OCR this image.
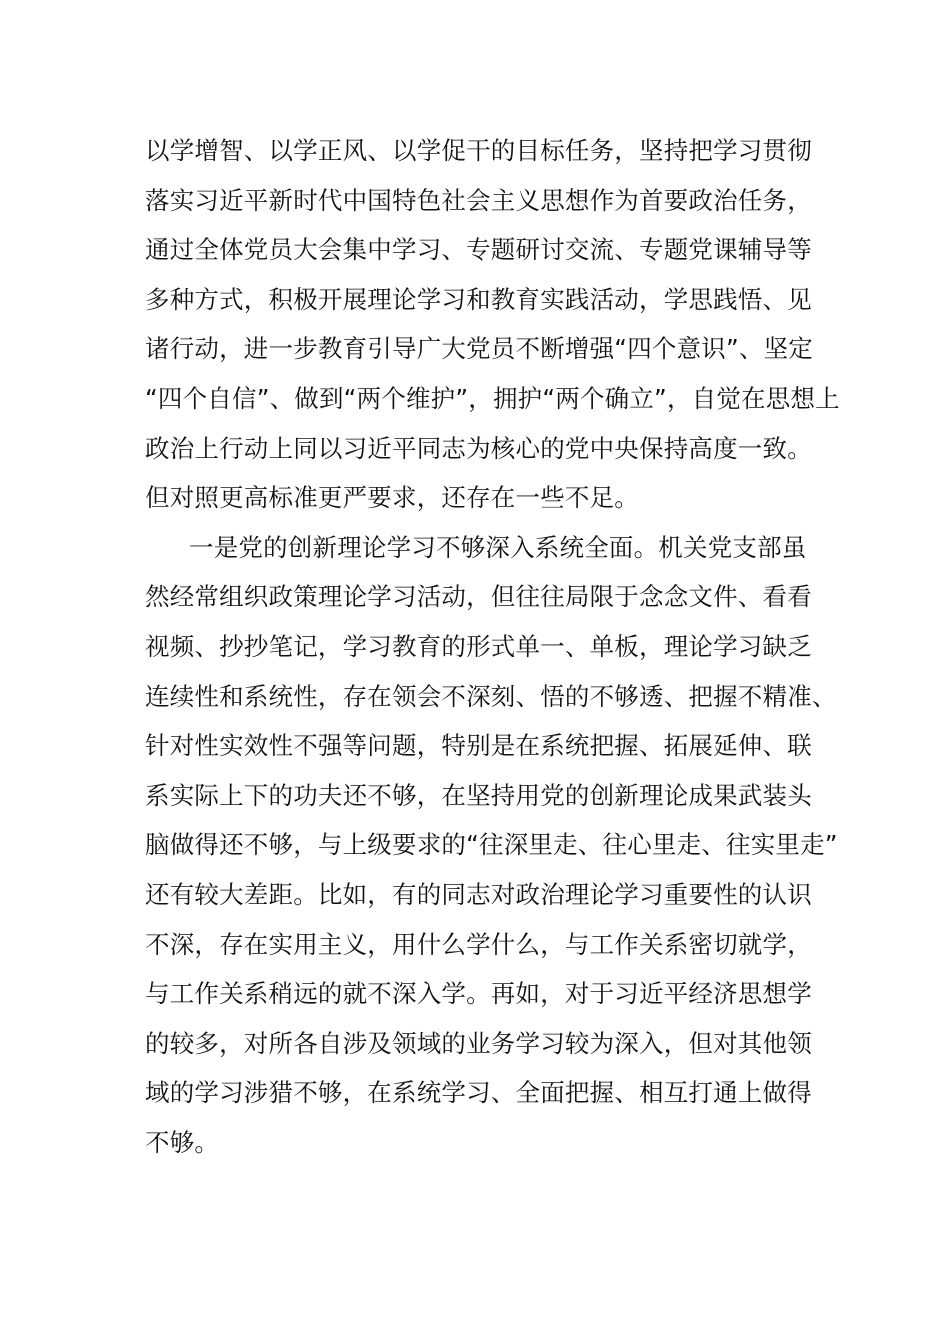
以学增智、以学正风、以学促干的目标任务，坚持把学习贯彻
落实习近平新时代中国特色社会主义思想作为首要政治任务，
通过全体党员大会集中学习、专题研讨交流、专题党课辅导等
多种方式，积极开展理论学习和教育实践活动，学思践悟、见
诸行动，进一步教育引导广大党员不断增强“四个意识”、坚定
“四个自信”、做到“两个维护”，拥护“两个确立”，自觉在思想上
政治上行动上同以习近平同志为核心的党中央保持高度一致。
但对照更高标准更严要求，还存在一些不足。
一是党的创新理论学习不够深入系统全面。机关党支部虽
然经常组织政策理论学习活动，但往往局限于念念文件、看看
视频、抄抄笔记，学习教育的形式单一、单板，理论学习缺乏
连续性和系统性，存在领会不深刻、悟的不够透、把握不精准、
针对性实效性不强等问题，特别是在系统把握、拓展延伸、联
系实际上下的功夫还不够，在坚持用党的创新理论成果武装头
脑做得还不够，与上级要求的“往深里走、往心里走、往实里走”
还有较大差距。比如，有的同志对政治理论学习重要性的认识
不深，存在实用主义，用什么学什么，与工作关系密切就学，
与工作关系稍远的就不深入学。再如，对于习近平经济思想学
的较多，对所各自涉及领域的业务学习较为深入，但对其他领
域的学习涉猎不够，在系统学习、全面把握、相互打通上做得
不够。
